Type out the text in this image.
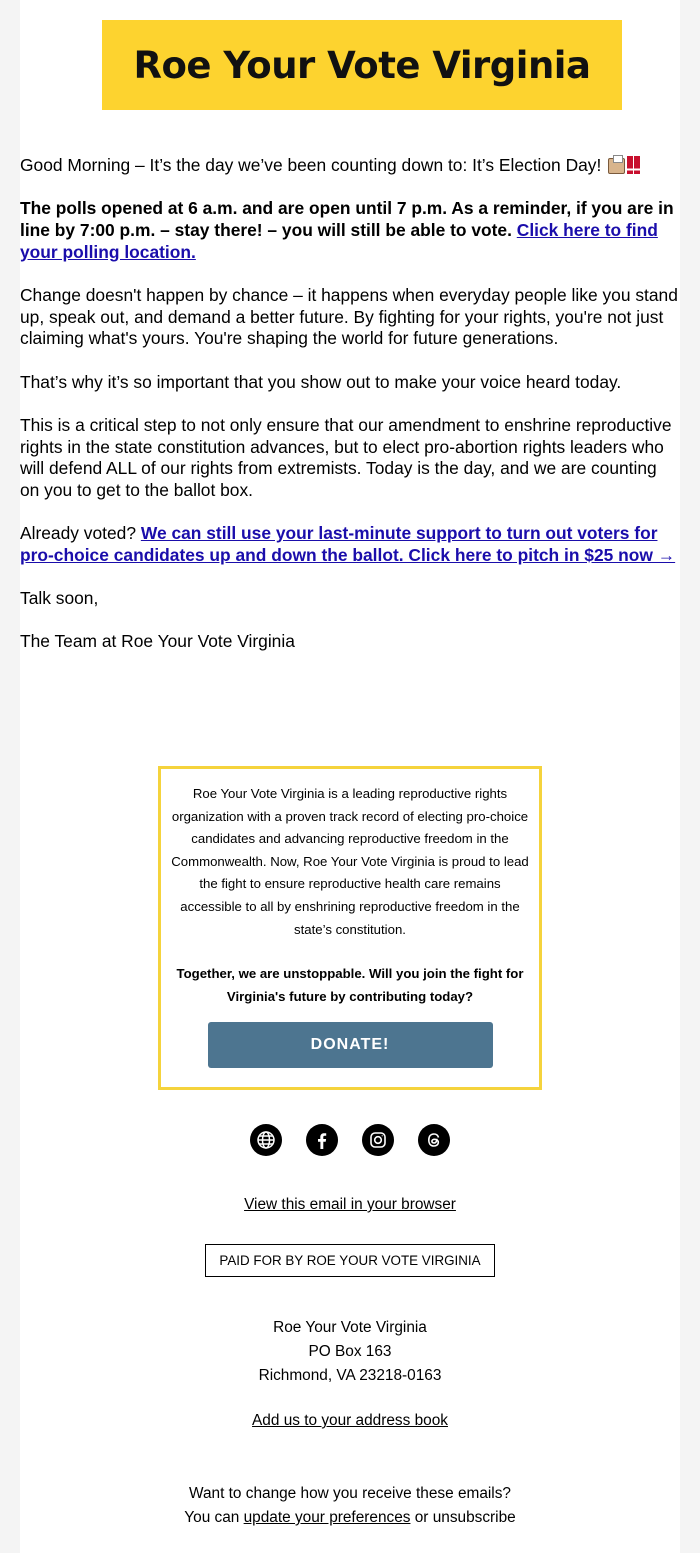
Roe Your Vote Virginia

Good Morning – It’s the day we’ve been counting down to: It’s Election Day!

The polls opened at 6 a.m. and are open until 7 p.m. As a reminder, if you are in line by 7:00 p.m. – stay there! – you will still be able to vote. Click here to find your polling location.

Change doesn't happen by chance – it happens when everyday people like you stand up, speak out, and demand a better future. By fighting for your rights, you're not just claiming what's yours. You're shaping the world for future generations.

That’s why it’s so important that you show out to make your voice heard today.

This is a critical step to not only ensure that our amendment to enshrine reproductive rights in the state constitution advances, but to elect pro-abortion rights leaders who will defend ALL of our rights from extremists. Today is the day, and we are counting on you to get to the ballot box.

Already voted? We can still use your last-minute support to turn out voters for pro-choice candidates up and down the ballot. Click here to pitch in $25 now →

Talk soon,

The Team at Roe Your Vote Virginia

Roe Your Vote Virginia is a leading reproductive rights organization with a proven track record of electing pro-choice candidates and advancing reproductive freedom in the Commonwealth. Now, Roe Your Vote Virginia is proud to lead the fight to ensure reproductive health care remains accessible to all by enshrining reproductive freedom in the state’s constitution.
Together, we are unstoppable. Will you join the fight for Virginia's future by contributing today?
DONATE!
View this email in your browser
PAID FOR BY ROE YOUR VOTE VIRGINIA
Roe Your Vote Virginia
PO Box 163
Richmond, VA 23218-0163
Add us to your address book
Want to change how you receive these emails?
You can update your preferences or unsubscribe
